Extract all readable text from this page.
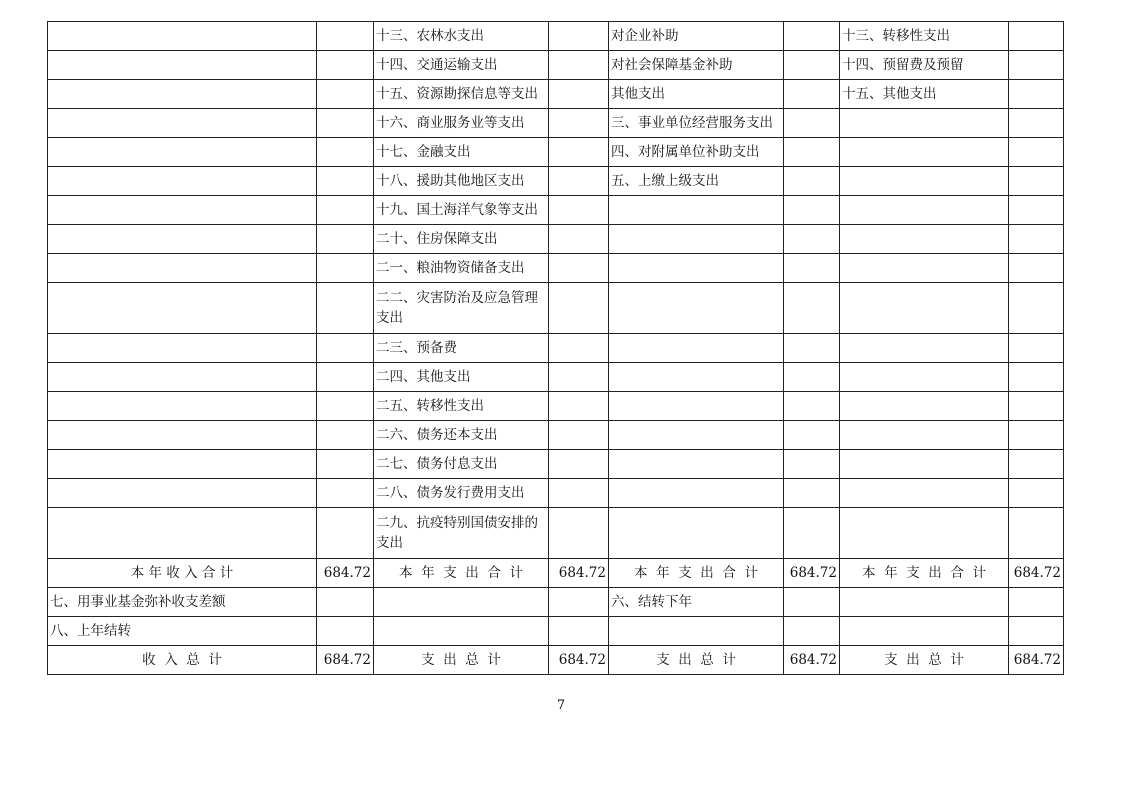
		十三、农林水支出		对企业补助		十三、转移性支出	
		十四、交通运输支出		对社会保障基金补助		十四、预留费及预留	
		十五、资源勘探信息等支出		其他支出		十五、其他支出	
		十六、商业服务业等支出		三、事业单位经营服务支出			
		十七、金融支出		四、对附属单位补助支出			
		十八、援助其他地区支出		五、上缴上级支出			
		十九、国土海洋气象等支出					
		二十、住房保障支出					
		二一、粮油物资储备支出					
		二二、灾害防治及应急管理支出					
		二三、预备费					
		二四、其他支出					
		二五、转移性支出					
		二六、债务还本支出					
		二七、债务付息支出					
		二八、债务发行费用支出					
		二九、抗疫特别国债安排的支出					
本 年 收 入 合 计	684.72	本  年  支  出  合  计	684.72	本  年  支  出  合  计	684.72	本  年  支  出  合  计	684.72
七、用事业基金弥补收支差额				六、结转下年			
八、上年结转							
收  入  总  计	684.72	支  出  总  计	684.72	支  出  总  计	684.72	支  出  总  计	684.72
7
